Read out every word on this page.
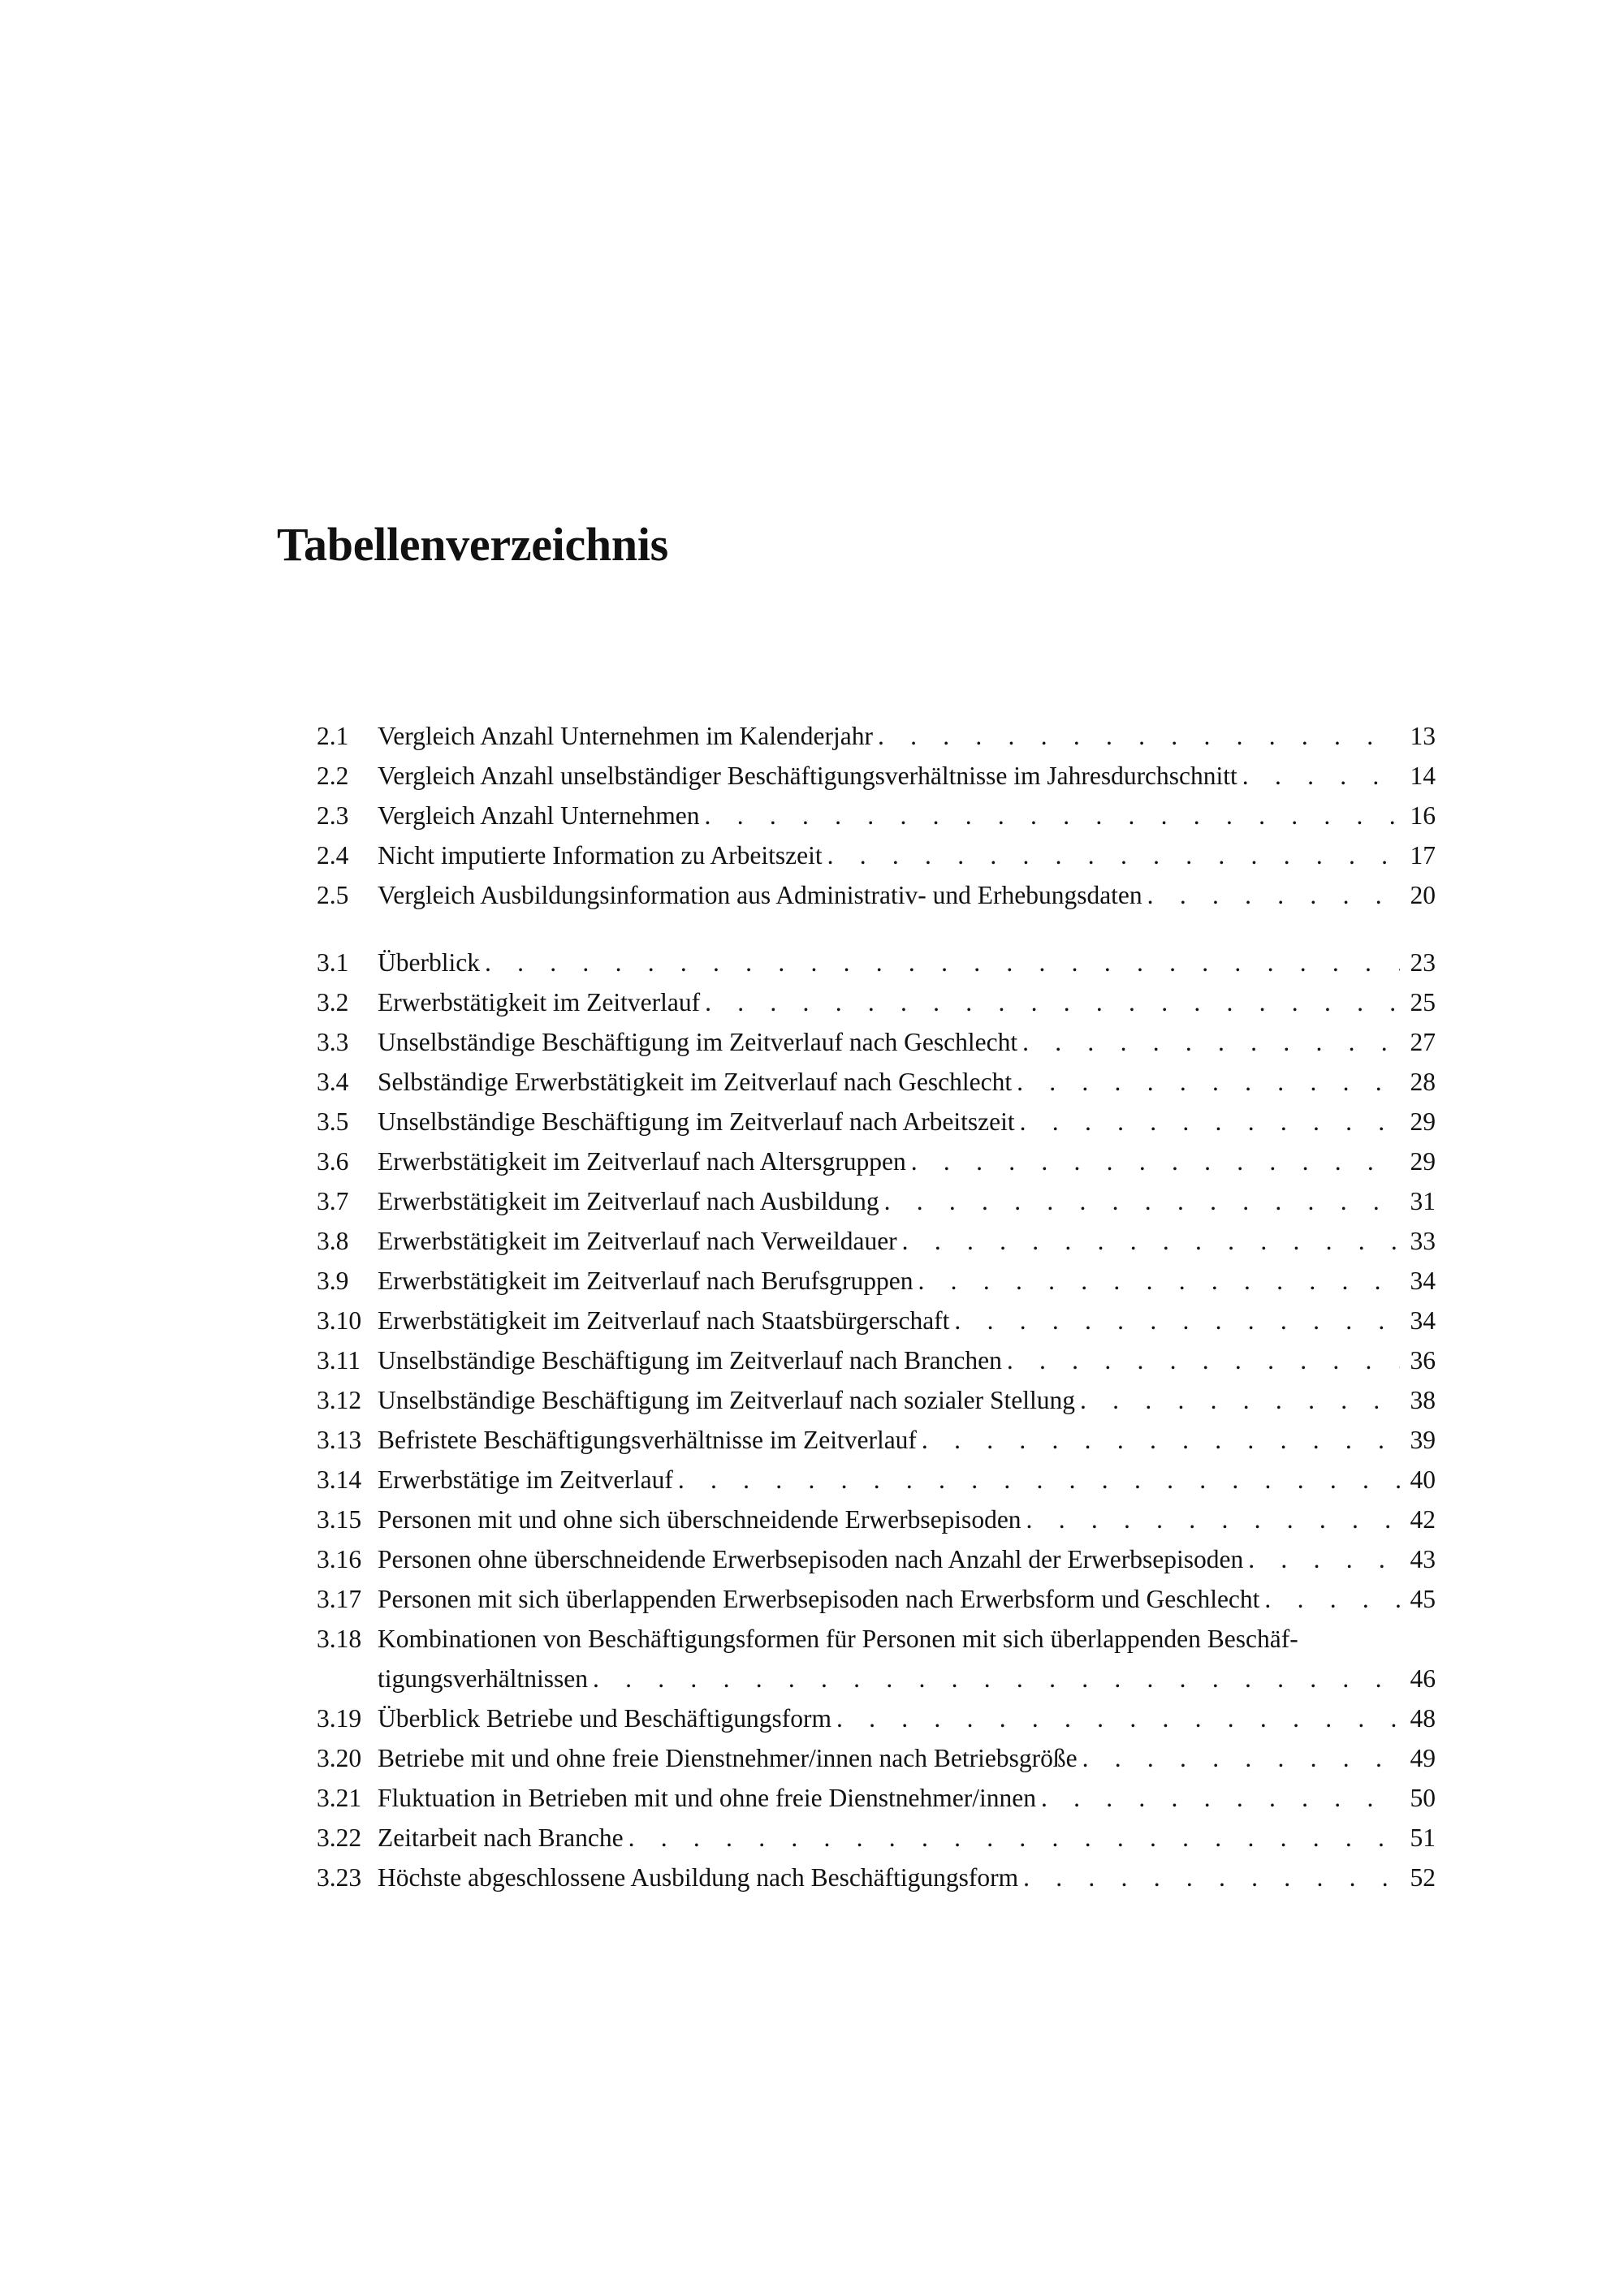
Tabellenverzeichnis
2.1	Vergleich Anzahl Unternehmen im Kalenderjahr . . .	13
2.2	Vergleich Anzahl unselbständiger Beschäftigungsverhältnisse im Jahresdurchschnitt . . .	14
2.3	Vergleich Anzahl Unternehmen . . .	16
2.4	Nicht imputierte Information zu Arbeitszeit . . .	17
2.5	Vergleich Ausbildungsinformation aus Administrativ- und Erhebungsdaten . . .	20
3.1	Überblick . . .	23
3.2	Erwerbstätigkeit im Zeitverlauf . . .	25
3.3	Unselbständige Beschäftigung im Zeitverlauf nach Geschlecht . . .	27
3.4	Selbständige Erwerbstätigkeit im Zeitverlauf nach Geschlecht . . .	28
3.5	Unselbständige Beschäftigung im Zeitverlauf nach Arbeitszeit . . .	29
3.6	Erwerbstätigkeit im Zeitverlauf nach Altersgruppen . . .	29
3.7	Erwerbstätigkeit im Zeitverlauf nach Ausbildung . . .	31
3.8	Erwerbstätigkeit im Zeitverlauf nach Verweildauer . . .	33
3.9	Erwerbstätigkeit im Zeitverlauf nach Berufsgruppen . . .	34
3.10 Erwerbstätigkeit im Zeitverlauf nach Staatsbürgerschaft . . .	34
3.11 Unselbständige Beschäftigung im Zeitverlauf nach Branchen . . .	36
3.12 Unselbständige Beschäftigung im Zeitverlauf nach sozialer Stellung . . .	38
3.13 Befristete Beschäftigungsverhältnisse im Zeitverlauf . . .	39
3.14 Erwerbstätige im Zeitverlauf . . .	40
3.15 Personen mit und ohne sich überschneidende Erwerbsepisoden . . .	42
3.16 Personen ohne überschneidende Erwerbsepisoden nach Anzahl der Erwerbsepisoden . . .	43
3.17 Personen mit sich überlappenden Erwerbsepisoden nach Erwerbsform und Geschlecht . . .	45
3.18 Kombinationen von Beschäftigungsformen für Personen mit sich überlappenden Beschäf-
tigungsverhältnissen . . .	46
3.19 Überblick Betriebe und Beschäftigungsform . . .	48
3.20 Betriebe mit und ohne freie Dienstnehmer/innen nach Betriebsgröße . . .	49
3.21 Fluktuation in Betrieben mit und ohne freie Dienstnehmer/innen . . .	50
3.22 Zeitarbeit nach Branche . . .	51
3.23 Höchste abgeschlossene Ausbildung nach Beschäftigungsform . . .	52
